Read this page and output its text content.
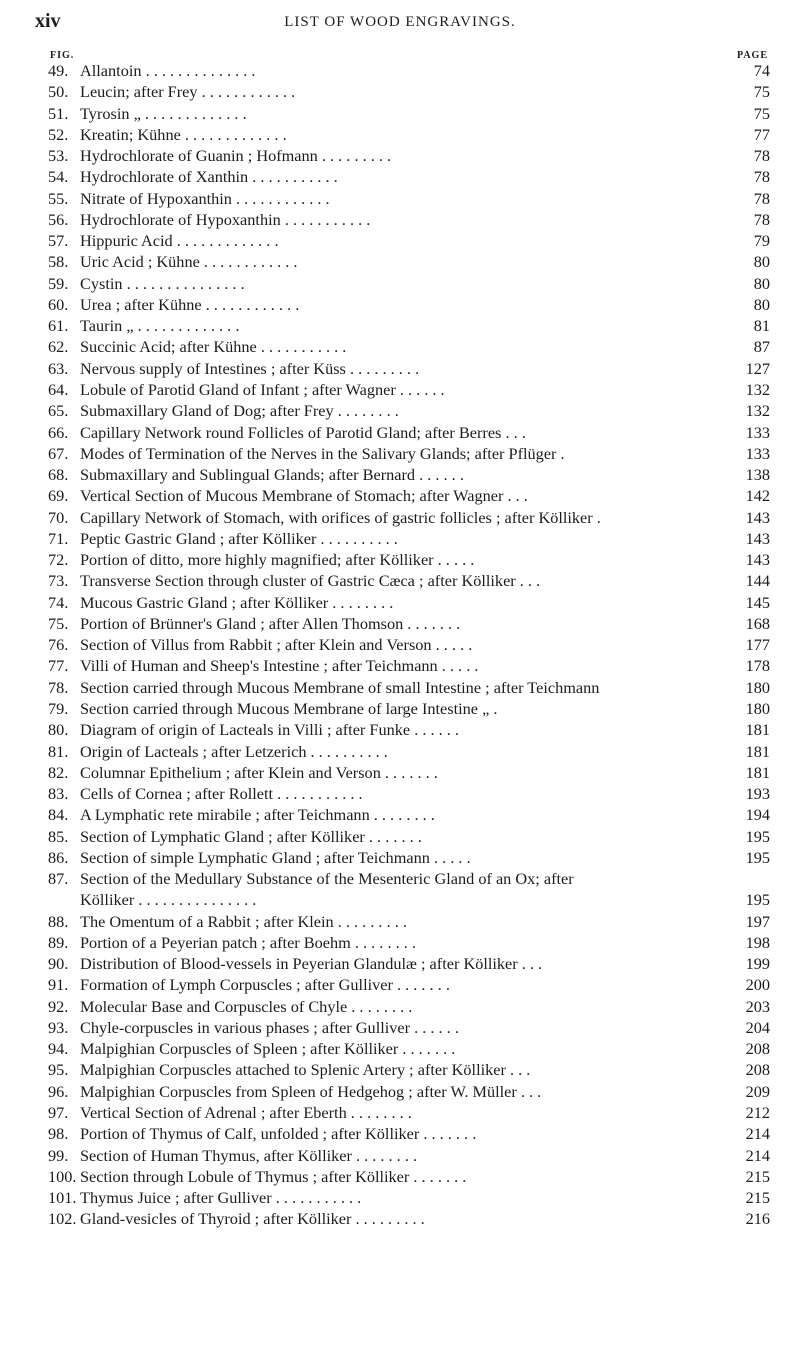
xiv	LIST OF WOOD ENGRAVINGS.
FIG.	PAGE
49. Allantoin . . . . . . . . . . . . . .	74
50. Leucin; after Frey . . . . . . . . . . . .	75
51. Tyrosin „ . . . . . . . . . . . . .	75
52. Kreatin; Kühne . . . . . . . . . . . . .	77
53. Hydrochlorate of Guanin ; Hofmann . . . . . . . . .	78
54. Hydrochlorate of Xanthin . . . . . . . . . . .	78
55. Nitrate of Hypoxanthin . . . . . . . . . . . .	78
56. Hydrochlorate of Hypoxanthin . . . . . . . . . . .	78
57. Hippuric Acid . . . . . . . . . . . . .	79
58. Uric Acid ; Kühne . . . . . . . . . . . .	80
59. Cystin . . . . . . . . . . . . . . .	80
60. Urea ; after Kühne . . . . . . . . . . . .	80
61. Taurin „ . . . . . . . . . . . . .	81
62. Succinic Acid; after Kühne . . . . . . . . . . .	87
63. Nervous supply of Intestines ; after Küss . . . . . . . . .	127
64. Lobule of Parotid Gland of Infant ; after Wagner . . . . . .	132
65. Submaxillary Gland of Dog; after Frey . . . . . . . .	132
66. Capillary Network round Follicles of Parotid Gland; after Berres . . .	133
67. Modes of Termination of the Nerves in the Salivary Glands; after Pflüger .	133
68. Submaxillary and Sublingual Glands; after Bernard . . . . . .	138
69. Vertical Section of Mucous Membrane of Stomach; after Wagner . . .	142
70. Capillary Network of Stomach, with orifices of gastric follicles ; after Kölliker .	143
71. Peptic Gastric Gland ; after Kölliker . . . . . . . . . .	143
72. Portion of ditto, more highly magnified; after Kölliker . . . . .	143
73. Transverse Section through cluster of Gastric Cæca ; after Kölliker . . .	144
74. Mucous Gastric Gland ; after Kölliker . . . . . . . .	145
75. Portion of Brünner's Gland ; after Allen Thomson . . . . . . .	168
76. Section of Villus from Rabbit ; after Klein and Verson . . . . .	177
77. Villi of Human and Sheep's Intestine ; after Teichmann . . . . .	178
78. Section carried through Mucous Membrane of small Intestine ; after Teichmann	180
79. Section carried through Mucous Membrane of large Intestine „ .	180
80. Diagram of origin of Lacteals in Villi ; after Funke . . . . . .	181
81. Origin of Lacteals ; after Letzerich . . . . . . . . . .	181
82. Columnar Epithelium ; after Klein and Verson . . . . . . .	181
83. Cells of Cornea ; after Rollett . . . . . . . . . . .	193
84. A Lymphatic rete mirabile ; after Teichmann . . . . . . . .	194
85. Section of Lymphatic Gland ; after Kölliker . . . . . . .	195
86. Section of simple Lymphatic Gland ; after Teichmann . . . . .	195
87. Section of the Medullary Substance of the Mesenteric Gland of an Ox; after
Kölliker . . . . . . . . . . . . . . .	195
88. The Omentum of a Rabbit ; after Klein . . . . . . . . .	197
89. Portion of a Peyerian patch ; after Boehm . . . . . . . .	198
90. Distribution of Blood-vessels in Peyerian Glandulæ ; after Kölliker . . .	199
91. Formation of Lymph Corpuscles ; after Gulliver . . . . . . .	200
92. Molecular Base and Corpuscles of Chyle . . . . . . . .	203
93. Chyle-corpuscles in various phases ; after Gulliver . . . . . .	204
94. Malpighian Corpuscles of Spleen ; after Kölliker . . . . . . .	208
95. Malpighian Corpuscles attached to Splenic Artery ; after Kölliker . . .	208
96. Malpighian Corpuscles from Spleen of Hedgehog ; after W. Müller . . .	209
97. Vertical Section of Adrenal ; after Eberth . . . . . . . .	212
98. Portion of Thymus of Calf, unfolded ; after Kölliker . . . . . . .	214
99. Section of Human Thymus, after Kölliker . . . . . . . .	214
100. Section through Lobule of Thymus ; after Kölliker . . . . . . .	215
101. Thymus Juice ; after Gulliver . . . . . . . . . . .	215
102. Gland-vesicles of Thyroid ; after Kölliker . . . . . . . . .	216
